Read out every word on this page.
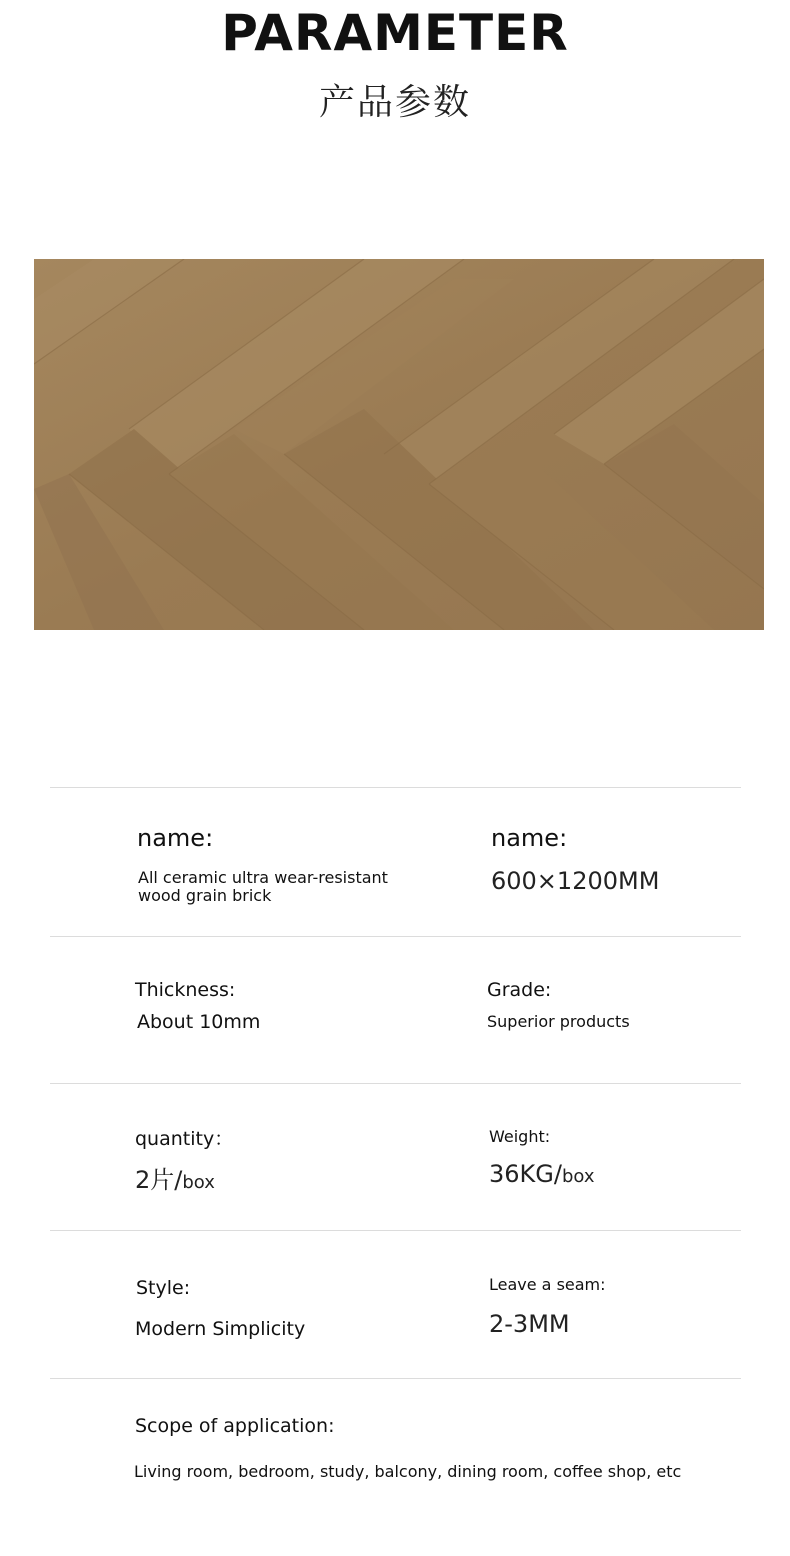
PARAMETER
产品参数
name:
All ceramic ultra wear-resistant
wood grain brick
name:
600×1200MM
Thickness:
About 10mm
Grade:
Superior products
quantity：
2片/box
Weight:
36KG/box
Style:
Modern Simplicity
Leave a seam:
2-3MM
Scope of application:
Living room, bedroom, study, balcony, dining room, coffee shop, etc
